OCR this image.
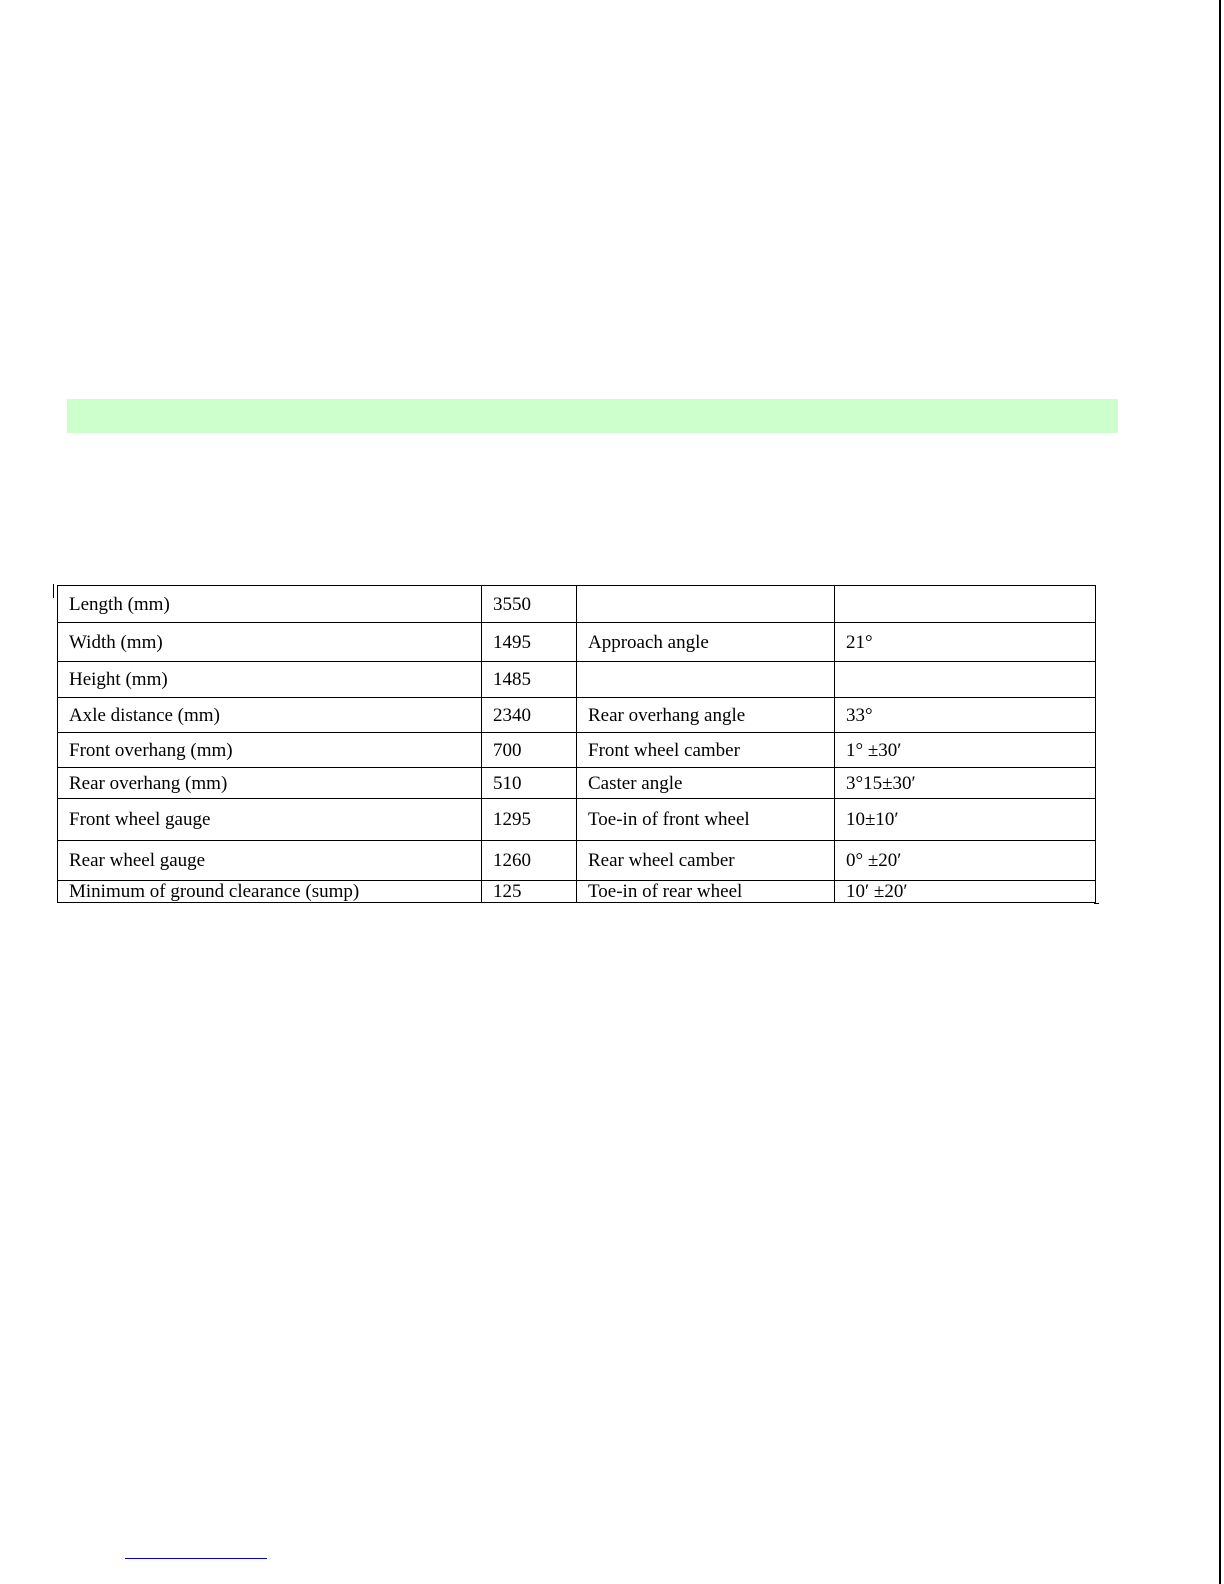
Length (mm)	3550		
Width (mm)	1495	Approach angle	21°
Height (mm)	1485		
Axle distance (mm)	2340	Rear overhang angle	33°
Front overhang (mm)	700	Front wheel camber	1° ±30′
Rear overhang (mm)	510	Caster angle	3°15±30′
Front wheel gauge	1295	Toe-in of front wheel	10±10′
Rear wheel gauge	1260	Rear wheel camber	0° ±20′
Minimum of ground clearance (sump)	125	Toe-in of rear wheel	10′ ±20′
